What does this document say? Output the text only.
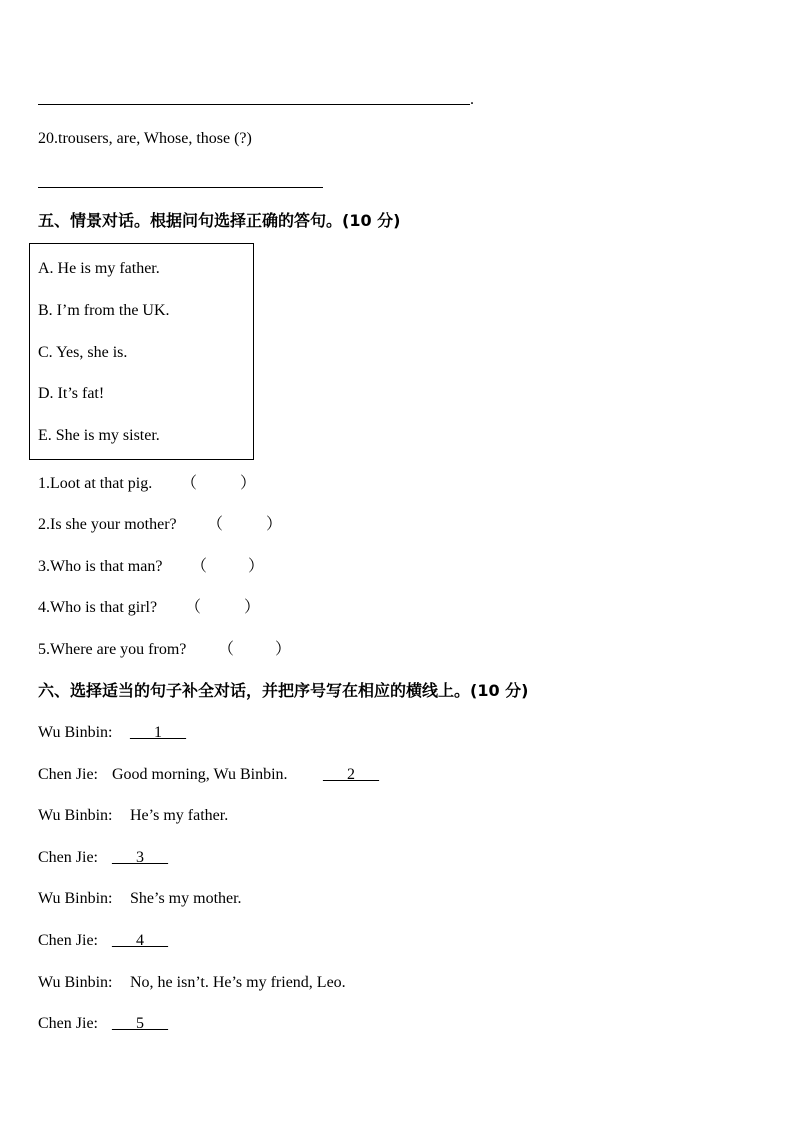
.
20.trousers, are, Whose, those (?)
五、情景对话。根据问句选择正确的答句。(10 分)
A. He is my father.
B. I’m from the UK.
C. Yes, she is.
D. It’s fat!
E. She is my sister.
1.Loot at that pig. （	）
2.Is she your mother? （	）
3.Who is that man? （	）
4.Who is that girl? （	）
5.Where are you from? （	）
六、选择适当的句子补全对话，并把序号写在相应的横线上。(10 分)
Wu Binbin: ___1___
Chen Jie: Good morning, Wu Binbin. ___2___
Wu Binbin: He’s my father.
Chen Jie: ___3___
Wu Binbin: She’s my mother.
Chen Jie: ___4___
Wu Binbin: No, he isn’t. He’s my friend, Leo.
Chen Jie: ___5___
